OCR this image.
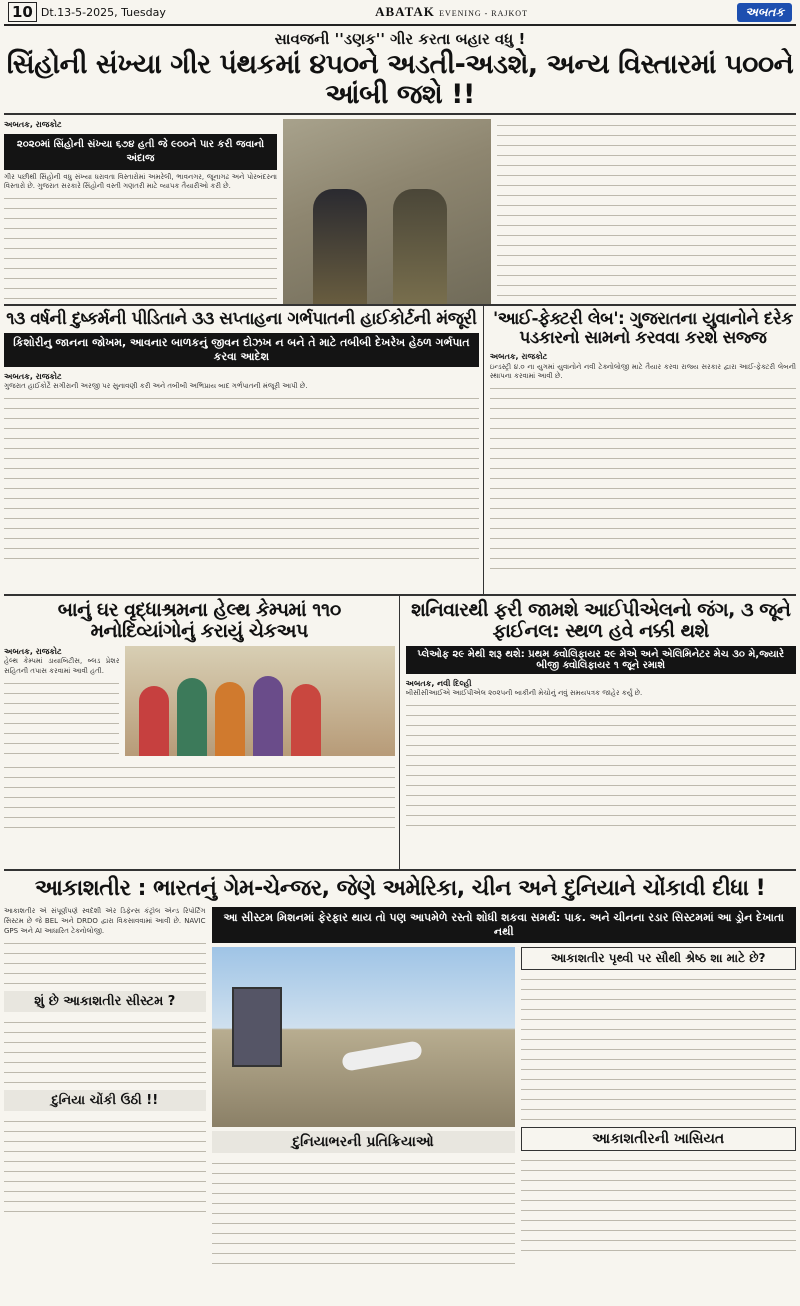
10 Dt.13-5-2025, Tuesday	ABATAK EVENING - RAJKOT	અબતક
સાવજની ''ડણક'' ગીર કરતા બહાર વધુ !
સિંહોની સંખ્યા ગીર પંથકમાં ૪૫૦ને અડતી-અડશે, અન્ય વિસ્તારમાં ૫૦૦ને આંબી જશે !!
અબતક, રાજકોટ
૨૦૨૦માં સિંહોની સંખ્યા ૬૭૪ હતી જે ૯૦૦ને પાર કરી જવાનો અંદાજ

ગીર પછીથી સિંહોની વધુ સંખ્યા ધરાવતા વિસ્તારોમાં અમરેલી, ભાવનગર, જૂનાગઢ અને પોરબંદરના વિસ્તારો છે. ગુજરાત સરકારે સિંહોની વસ્તી ગણતરી માટે વ્યાપક તૈયારીઓ કરી છે.

૧૩ વર્ષની દુષ્કર્મની પીડિતાને ૩૩ સપ્તાહના ગર્ભપાતની હાઈકોર્ટની મંજૂરી
કિશોરીનુ જાનના જોખમ, આવનાર બાળકનું જીવન દોઝખ ન બને તે માટે તબીબી દેખરેખ હેઠળ ગર્ભપાત કરવા આદેશ
અબતક, રાજકોટ

ગુજરાત હાઈકોર્ટે સગીરાની અરજી પર સુનાવણી કરી અને તબીબી અભિપ્રાય બાદ ગર્ભપાતની મંજૂરી આપી છે.

'આઈ-ફેક્ટરી લેબ': ગુજરાતના યુવાનોને દરેક પડકારનો સામનો કરવવા કરશે સજ્જ
અબતક, રાજકોટ

ઇન્ડસ્ટ્રી ૪.૦ ના યુગમાં યુવાનોને નવી ટેક્નોલોજી માટે તૈયાર કરવા રાજ્ય સરકાર દ્વારા આઈ-ફેક્ટરી લેબની સ્થાપના કરવામાં આવી છે.

બાનું ઘર વૃદ્ધાશ્રમના હેલ્થ કેમ્પમાં ૧૧૦ મનોદિવ્યાંગોનું કરાયું ચેકઅપ
અબતક, રાજકોટ

હેલ્થ કેમ્પમાં ડાયાબિટીસ, બ્લડ પ્રેશર સહિતની તપાસ કરવામાં આવી હતી.

શનિવારથી ફરી જામશે આઈપીએલનો જંગ, ૩ જૂને ફાઈનલ: સ્થળ હવે નક્કી થશે
પ્લેઓફ ૨૯ મેથી શરૂ થશે: પ્રથમ ક્વોલિફાયર ૨૯ મેએ અને એલિમિનેટર મેચ ૩૦ મે,જ્યારે બીજી ક્વોલિફાયર ૧ જૂને રમાશે
અબતક, નવી દિલ્હી

બીસીસીઆઈએ આઈપીએલ ૨૦૨૫ની બાકીની મેચોનું નવું સમયપત્રક જાહેર કર્યું છે.

આકાશતીર : ભારતનું ગેમ-ચેન્જર, જેણે અમેરિકા, ચીન અને દુનિયાને ચોંકાવી દીધા !

આકાશતીર એ સંપૂર્ણપણે સ્વદેશી એર ડિફેન્સ કંટ્રોલ એન્ડ રિપોર્ટિંગ સિસ્ટમ છે જે BEL અને DRDO દ્વારા વિકસાવવામાં આવી છે. NAVIC GPS અને AI આધારિત ટેક્નોલોજી.

શું છે આકાશતીર સીસ્ટમ ?
દુનિયા ચોંકી ઉઠી !!
આ સીસ્ટમ મિશનમાં ફેરફાર થાય તો પણ આપમેળે રસ્તો શોધી શકવા સમર્થ: પાક. અને ચીનના રડાર સિસ્ટમમાં આ ડ્રોન દેખાતા નથી
દુનિયાભરની પ્રતિક્રિયાઓ
આકાશતીર પૃથ્વી પર સૌથી શ્રેષ્ઠ શા માટે છે?
આકાશતીરની ખાસિયત
